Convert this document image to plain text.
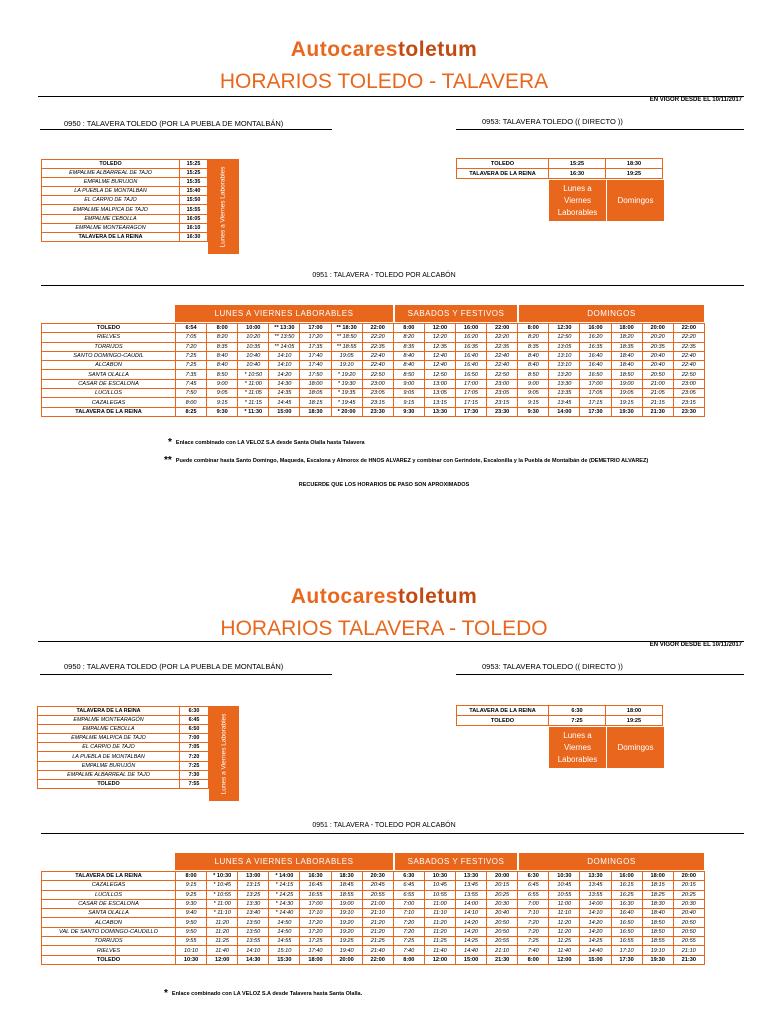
Autocarestoletum
HORARIOS TOLEDO - TALAVERA
EN VIGOR DESDE EL 10/11/2017
0950 : TALAVERA TOLEDO (POR LA PUEBLA DE MONTALBÁN)	0953: TALAVERA TOLEDO (( DIRECTO ))
TOLEDO	15:25
EMPALME ALBARREAL DE TAJO	15:25
EMPALME BURUJON	15:35
LA PUEBLA DE MONTALBAN	15:40
EL CARPIO DE TAJO	15:50
EMPALME MALPICA DE TAJO	15:55
EMPALME CEBOLLA	16:05
EMPALME MONTEARAGON	16:10
TALAVERA DE LA REINA	16:30	Lunes a Viernes Laborables
TOLEDO	15:25	18:30
TALAVERA DE LA REINA	16:30	19:25
Lunes a Viernes Laborables
Domingos
0951 : TALAVERA - TOLEDO POR ALCABÓN
LUNES A VIERNES LABORABLES	SABADOS Y FESTIVOS	DOMINGOS
TOLEDO	6:54	8:00	10:00	** 13:30	17:00	** 18:30	22:00	8:00	12:00	16:00	22:00	8:00	12:30	16:00	18:00	20:00	22:00
RIELVES	7:05	8:20	10:20	** 13:50	17:20	** 18:50	22:20	8:20	12:20	16:20	22:20	8:20	12:50	16:20	18:20	20:20	22:20
TORRIJOS	7:20	8:35	10:35	** 14:05	17:35	** 18:55	22:35	8:35	12:35	16:35	22:35	8:35	13:05	16:35	18:35	20:35	22:35
SANTO DOMINGO-CAUDIL	7:25	8:40	10:40	14:10	17:40	19:05	22:40	8:40	12:40	16:40	22:40	8:40	13:10	16:40	18:40	20:40	22:40
ALCABON	7:25	8:40	10:40	14:10	17:40	19:10	22:40	8:40	12:40	16:40	22:40	8:40	13:10	16:40	18:40	20:40	22:40
SANTA OLALLA	7:35	8:50	* 10:50	14:20	17:50	* 19:20	22:50	8:50	12:50	16:50	22:50	8:50	13:20	16:50	18:50	20:50	22:50
CASAR DE ESCALONA	7:45	9:00	* 11:00	14:30	18:00	* 19:30	23:00	9:00	13:00	17:00	23:00	9:00	13:30	17:00	19:00	21:00	23:00
LUCILLOS	7:50	9:05	* 11:05	14:35	18:05	* 19:35	23:05	9:05	13:05	17:05	23:05	9:05	13:35	17:05	19:05	21:05	23:05
CAZALEGAS	8:00	9:15	* 11:15	14:45	18:15	* 19:45	23:15	9:15	13:15	17:15	23:15	9:15	13:45	17:15	19:15	21:15	23:15
TALAVERA DE LA REINA	8:25	9:30	* 11:30	15:00	18:30	* 20:00	23:30	9:30	13:30	17:30	23:30	9:30	14:00	17:30	19:30	21:30	23:30
* Enlace combinado con LA VELOZ S.A desde Santa Olalla hasta Talavera
** Puede combinar hasta Santo Domingo, Maqueda, Escalona y Almorox de HNOS ALVAREZ y combinar con Gerindote, Escalonilla y la Puebla de Montalbán de (DEMETRIO ALVAREZ)
RECUERDE QUE LOS HORARIOS DE PASO SON APROXIMADOS
Autocarestoletum
HORARIOS TALAVERA - TOLEDO
EN VIGOR DESDE EL 10/11/2017
0950 : TALAVERA TOLEDO (POR LA PUEBLA DE MONTALBÁN)	0953: TALAVERA TOLEDO (( DIRECTO ))
TALAVERA DE LA REINA	6:30
EMPALME MONTEARAGÓN	6:45
EMPALME CEBOLLA	6:50
EMPALME MALPICA DE TAJO	7:00
EL CARPIO DE TAJO	7:05
LA PUEBLA DE MONTALBAN	7:20
EMPALME BURUJÓN	7:25
EMPALME ALBARREAL DE TAJO	7:30
TOLEDO	7:55	Lunes a Viernes Laborables
TALAVERA DE LA REINA	6:30	18:00
TOLEDO	7:25	19:25
Lunes a Viernes Laborables
Domingos
0951 : TALAVERA - TOLEDO POR ALCABÓN
LUNES A VIERNES LABORABLES	SABADOS Y FESTIVOS	DOMINGOS
TALAVERA DE LA REINA	8:00	* 10:30	13:00	* 14:00	16:30	18:30	20:30	6:30	10:30	13:30	20:00	6:30	10:30	13:30	16:00	18:00	20:00
CAZALEGAS	9:15	* 10:45	13:15	* 14:15	16:45	18:45	20:45	6:45	10:45	13:45	20:15	6:45	10:45	13:45	16:15	18:15	20:15
LUCILLOS	9:25	* 10:55	13:25	* 14:25	16:55	18:55	20:55	6:55	10:55	13:55	20:25	6:55	10:55	13:55	16:25	18:25	20:25
CASAR DE ESCALONA	9:30	* 11:00	13:30	* 14:30	17:00	19:00	21:00	7:00	11:00	14:00	20:30	7:00	11:00	14:00	16:30	18:30	20:30
SANTA OLALLA	9:40	* 11:10	13:40	* 14:40	17:10	19:10	21:10	7:10	11:10	14:10	20:40	7:10	11:10	14:10	16:40	18:40	20:40
ALCABON	9:50	11:20	13:50	14:50	17:20	19:20	21:20	7:20	11:20	14:20	20:50	7:20	11:20	14:20	16:50	18:50	20:50
VAL DE SANTO DOMINGO-CAUDILLO	9:50	11:20	13:50	14:50	17:20	19:20	21:20	7:20	11:20	14:20	20:50	7:20	11:20	14:20	16:50	18:50	20:50
TORRIJOS	9:55	11:25	13:55	14:55	17:25	19:25	21:25	7:25	11:25	14:25	20:55	7:25	11:25	14:25	16:55	18:55	20:55
RIELVES	10:10	11:40	14:10	15:10	17:40	19:40	21:40	7:40	11:40	14:40	21:10	7:40	11:40	14:40	17:10	19:10	21:10
TOLEDO	10:30	12:00	14:30	15:30	18:00	20:00	22:00	8:00	12:00	15:00	21:30	8:00	12:00	15:00	17:30	19:30	21:30
* Enlace combinado con LA VELOZ S.A desde Talavera hasta Santa Olalla.
